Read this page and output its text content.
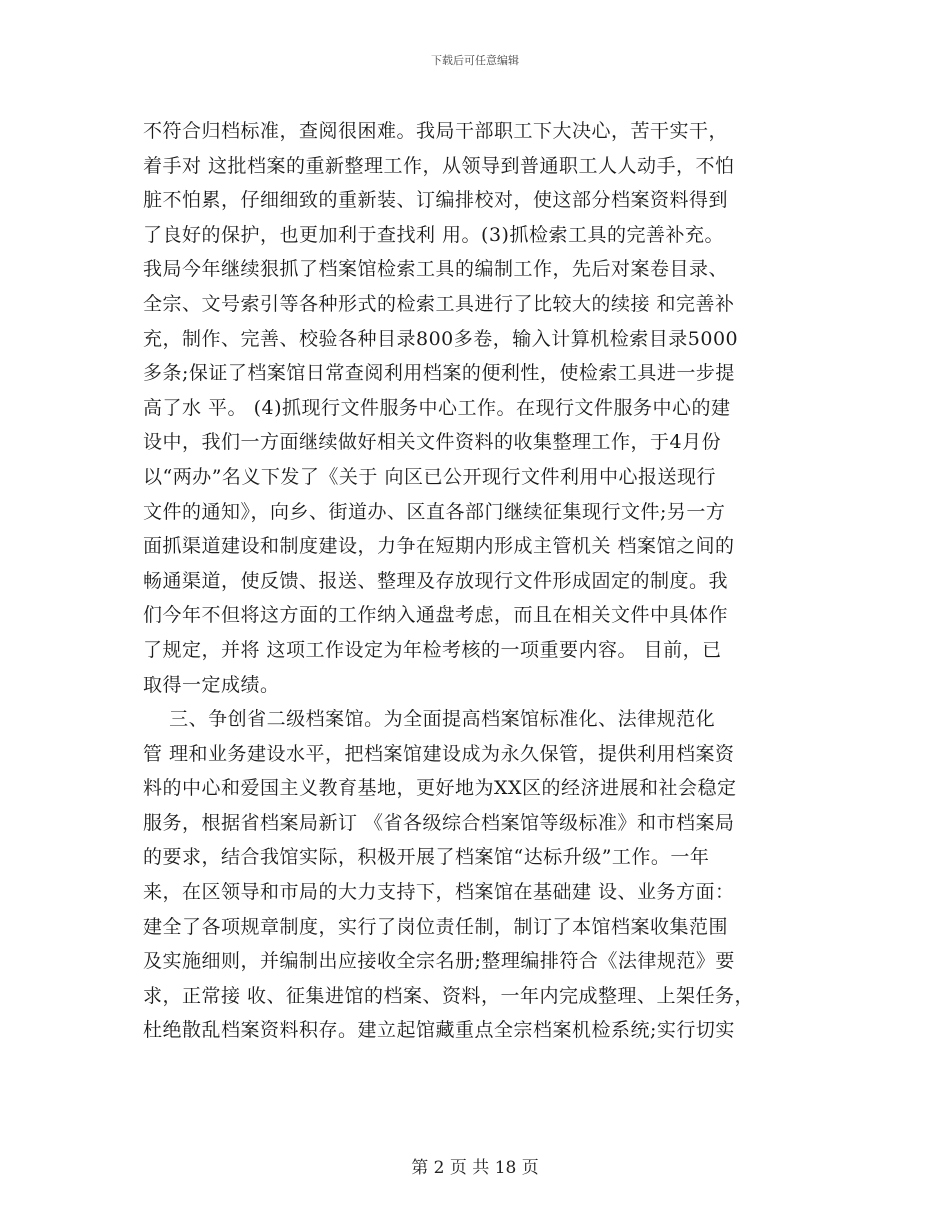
下载后可任意编辑
不符合归档标准，查阅很困难。我局干部职工下大决心，苦干实干，
着手对 这批档案的重新整理工作，从领导到普通职工人人动手，不怕
脏不怕累，仔细细致的重新装、订编排校对，使这部分档案资料得到
了良好的保护，也更加利于查找利 用。(3)抓检索工具的完善补充。
我局今年继续狠抓了档案馆检索工具的编制工作，先后对案卷目录、
全宗、文号索引等各种形式的检索工具进行了比较大的续接 和完善补
充，制作、完善、校验各种目录800多卷，输入计算机检索目录5000
多条;保证了档案馆日常查阅利用档案的便利性，使检索工具进一步提
高了水 平。 (4)抓现行文件服务中心工作。在现行文件服务中心的建
设中，我们一方面继续做好相关文件资料的收集整理工作，于4月份
以“两办”名义下发了《关于 向区已公开现行文件利用中心报送现行
文件的通知》，向乡、街道办、区直各部门继续征集现行文件;另一方
面抓渠道建设和制度建设，力争在短期内形成主管机关 档案馆之间的
畅通渠道，使反馈、报送、整理及存放现行文件形成固定的制度。我
们今年不但将这方面的工作纳入通盘考虑，而且在相关文件中具体作
了规定，并将 这项工作设定为年检考核的一项重要内容。 目前，已
取得一定成绩。
三、争创省二级档案馆。为全面提高档案馆标准化、法律规范化
管 理和业务建设水平，把档案馆建设成为永久保管，提供利用档案资
料的中心和爱国主义教育基地，更好地为XX区的经济进展和社会稳定
服务，根据省档案局新订 《省各级综合档案馆等级标准》和市档案局
的要求，结合我馆实际，积极开展了档案馆“达标升级”工作。一年
来，在区领导和市局的大力支持下，档案馆在基础建 设、业务方面：
建全了各项规章制度，实行了岗位责任制，制订了本馆档案收集范围
及实施细则，并编制出应接收全宗名册;整理编排符合《法律规范》要
求，正常接 收、征集进馆的档案、资料，一年内完成整理、上架任务，
杜绝散乱档案资料积存。建立起馆藏重点全宗档案机检系统;实行切实
第 2 页 共 18 页
